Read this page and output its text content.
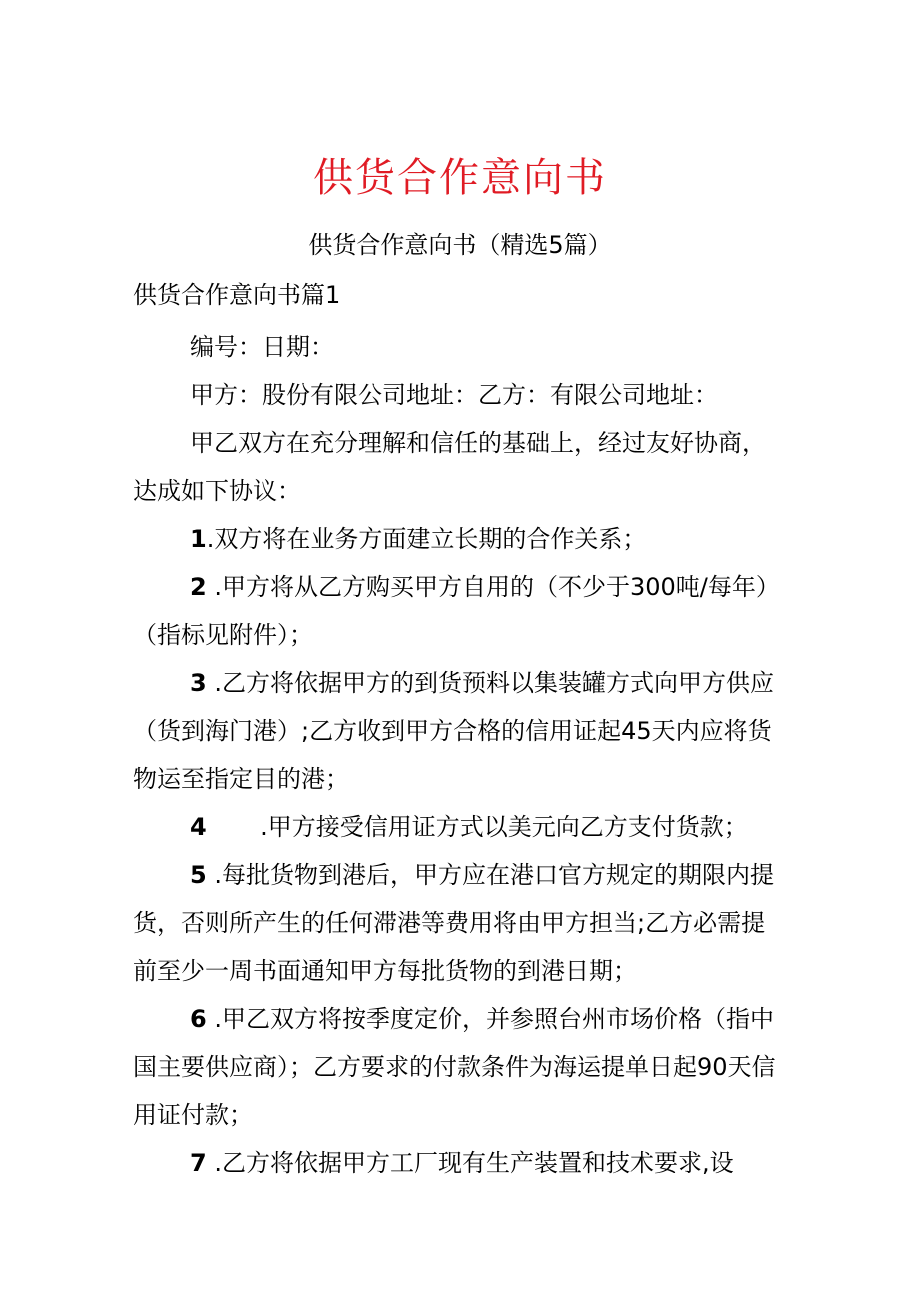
供货合作意向书
供货合作意向书（精选5篇）
供货合作意向书篇1

编号：日期：

甲方：股份有限公司地址：乙方：有限公司地址：

甲乙双方在充分理解和信任的基础上，经过友好协商，达成如下协议：

1.双方将在业务方面建立长期的合作关系；

2 .甲方将从乙方购买甲方自用的（不少于300吨/每年）（指标见附件）；

3 .乙方将依据甲方的到货预料以集装罐方式向甲方供应（货到海门港）;乙方收到甲方合格的信用证起45天内应将货物运至指定目的港；

4       .甲方接受信用证方式以美元向乙方支付货款；

5 .每批货物到港后，甲方应在港口官方规定的期限内提货，否则所产生的任何滞港等费用将由甲方担当;乙方必需提前至少一周书面通知甲方每批货物的到港日期；

6 .甲乙双方将按季度定价，并参照台州市场价格（指中国主要供应商）；乙方要求的付款条件为海运提单日起90天信用证付款；

7 .乙方将依据甲方工厂现有生产装置和技术要求,设
